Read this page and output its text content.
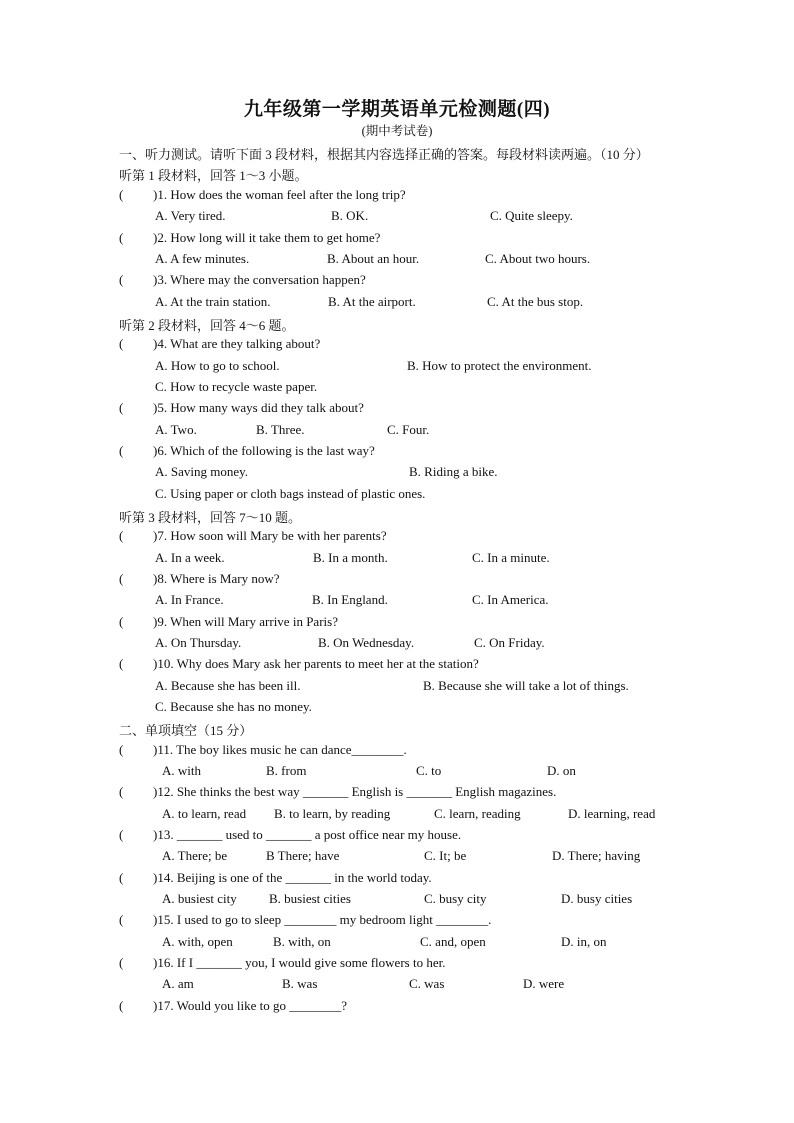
九年级第一学期英语单元检测题(四)
(期中考试卷)
一、听力测试。请听下面 3 段材料，根据其内容选择正确的答案。每段材料读两遍。（10 分）
听第 1 段材料，回答 1～3 小题。
( )1. How does the woman feel after the long trip?
A. Very tired.	B. OK.	C. Quite sleepy.
( )2. How long will it take them to get home?
A. A few minutes.	B. About an hour.	C. About two hours.
( )3. Where may the conversation happen?
A. At the train station.	B. At the airport.	C. At the bus stop.
听第 2 段材料，回答 4～6 题。
( )4. What are they talking about?
A. How to go to school.	B. How to protect the environment.
C. How to recycle waste paper.
( )5. How many ways did they talk about?
A. Two.	B. Three.	C. Four.
( )6. Which of the following is the last way?
A. Saving money.	B. Riding a bike.
C. Using paper or cloth bags instead of plastic ones.
听第 3 段材料，回答 7～10 题。
( )7. How soon will Mary be with her parents?
A. In a week.	B. In a month.	C. In a minute.
( )8. Where is Mary now?
A. In France.	B. In England.	C. In America.
( )9. When will Mary arrive in Paris?
A. On Thursday.	B. On Wednesday.	C. On Friday.
( )10. Why does Mary ask her parents to meet her at the station?
A. Because she has been ill.	B. Because she will take a lot of things.
C. Because she has no money.
二、单项填空（15 分）
( )11. The boy likes music he can dance________.
A. with	B. from	C. to	D. on
( )12. She thinks the best way _______ English is _______ English magazines.
A. to learn, read B. to learn, by reading	C. learn, reading	D. learning, read
( )13. _______ used to _______ a post office near my house.
A. There; be	B There; have	C. It; be	D. There; having
( )14. Beijing is one of the _______ in the world today.
A. busiest city B. busiest cities	C. busy city	D. busy cities
( )15. I used to go to sleep ________ my bedroom light ________.
A. with, open	B. with, on	C. and, open	D. in, on
( )16. If I _______ you, I would give some flowers to her.
A. am	B. was	C. was	D. were
( )17. Would you like to go ________?
